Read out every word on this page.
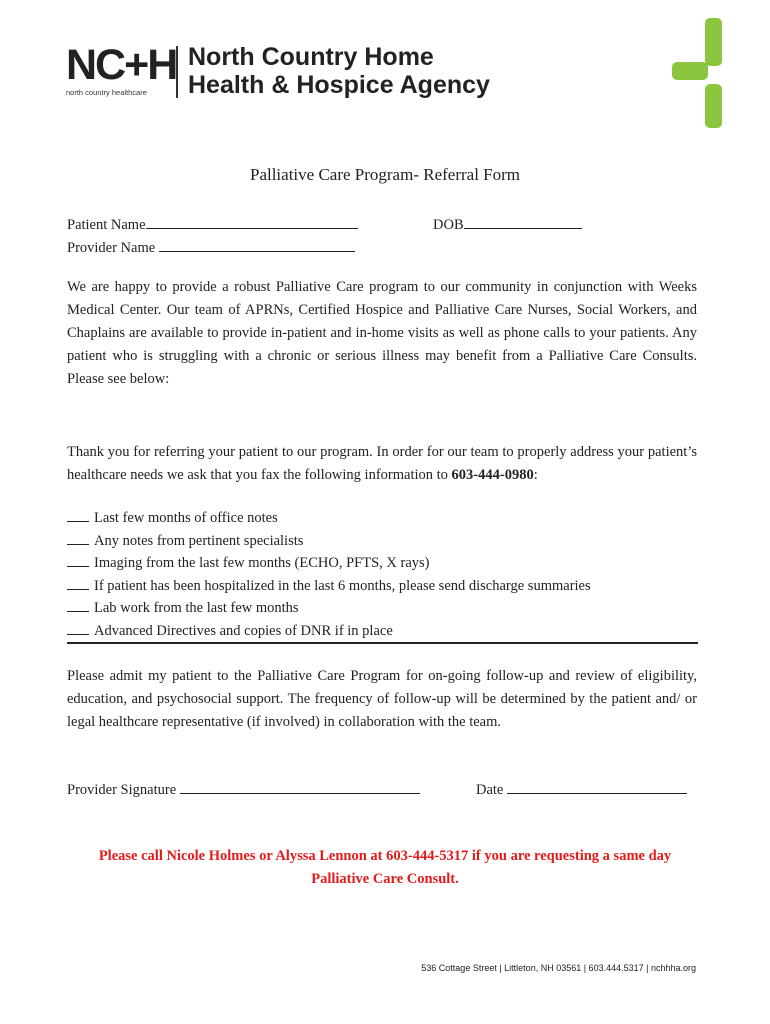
NC+H
north country healthcare
North Country Home
Health & Hospice Agency
Palliative Care Program- Referral Form
Patient Name	DOB
Provider Name

We are happy to provide a robust Palliative Care program to our community in conjunction with Weeks Medical Center. Our team of APRNs, Certified Hospice and Palliative Care Nurses, Social Workers, and Chaplains are available to provide in-patient and in-home visits as well as phone calls to your patients. Any patient who is struggling with a chronic or serious illness may benefit from a Palliative Care Consults. Please see below:

Thank you for referring your patient to our program. In order for our team to properly address your patient’s healthcare needs we ask that you fax the following information to 603-444-0980:

Last few months of office notes
Any notes from pertinent specialists
Imaging from the last few months (ECHO, PFTS, X rays)
If patient has been hospitalized in the last 6 months, please send discharge summaries
Lab work from the last few months
Advanced Directives and copies of DNR if in place

Please admit my patient to the Palliative Care Program for on-going follow-up and review of eligibility, education, and psychosocial support. The frequency of follow-up will be determined by the patient and/ or legal healthcare representative (if involved) in collaboration with the team.

Provider Signature	Date
Please call Nicole Holmes or Alyssa Lennon at 603-444-5317 if you are requesting a same day
Palliative Care Consult.
536 Cottage Street | Littleton, NH 03561 | 603.444.5317 | nchhha.org
